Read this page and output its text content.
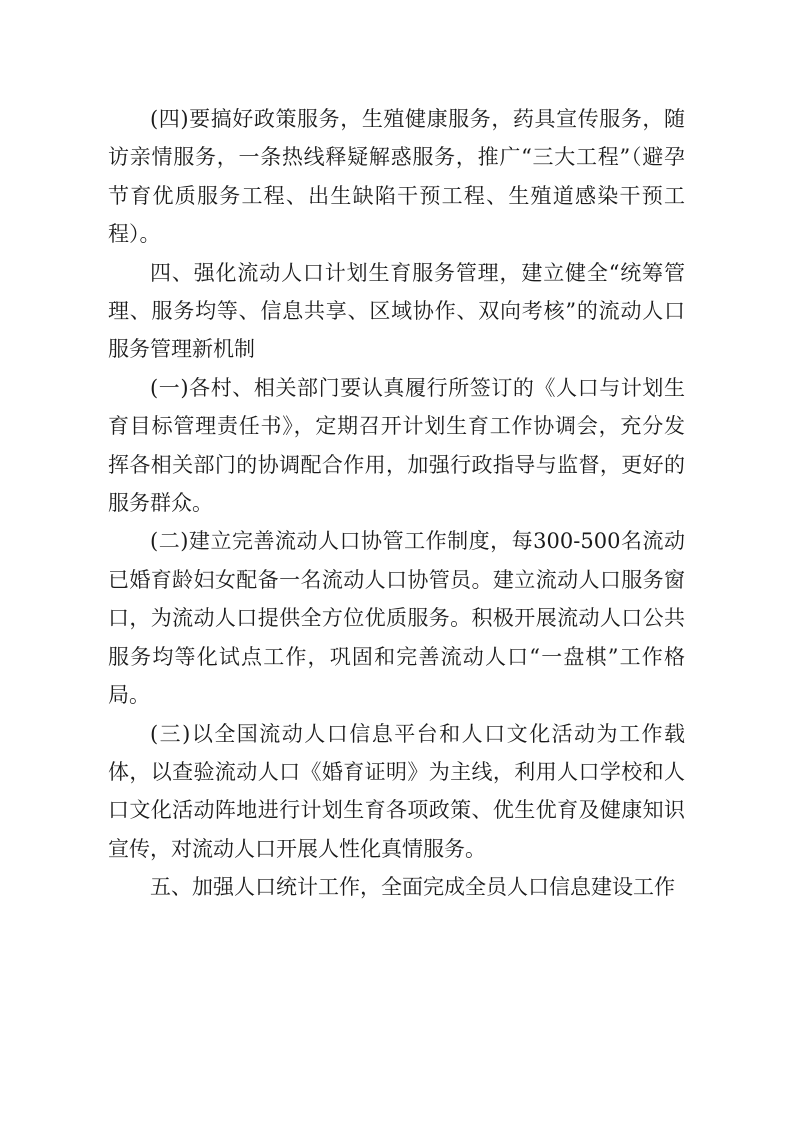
(四)要搞好政策服务，生殖健康服务，药具宣传服务，随访亲情服务，一条热线释疑解惑服务，推广“三大工程”（避孕节育优质服务工程、出生缺陷干预工程、生殖道感染干预工程）。

四、强化流动人口计划生育服务管理，建立健全“统筹管理、服务均等、信息共享、区域协作、双向考核”的流动人口服务管理新机制

(一)各村、相关部门要认真履行所签订的《人口与计划生育目标管理责任书》，定期召开计划生育工作协调会，充分发挥各相关部门的协调配合作用，加强行政指导与监督，更好的服务群众。

(二)建立完善流动人口协管工作制度，每300-500名流动已婚育龄妇女配备一名流动人口协管员。建立流动人口服务窗口，为流动人口提供全方位优质服务。积极开展流动人口公共服务均等化试点工作，巩固和完善流动人口“一盘棋”工作格局。

(三)以全国流动人口信息平台和人口文化活动为工作载体，以查验流动人口《婚育证明》为主线，利用人口学校和人口文化活动阵地进行计划生育各项政策、优生优育及健康知识宣传，对流动人口开展人性化真情服务。

五、加强人口统计工作，全面完成全员人口信息建设工作
